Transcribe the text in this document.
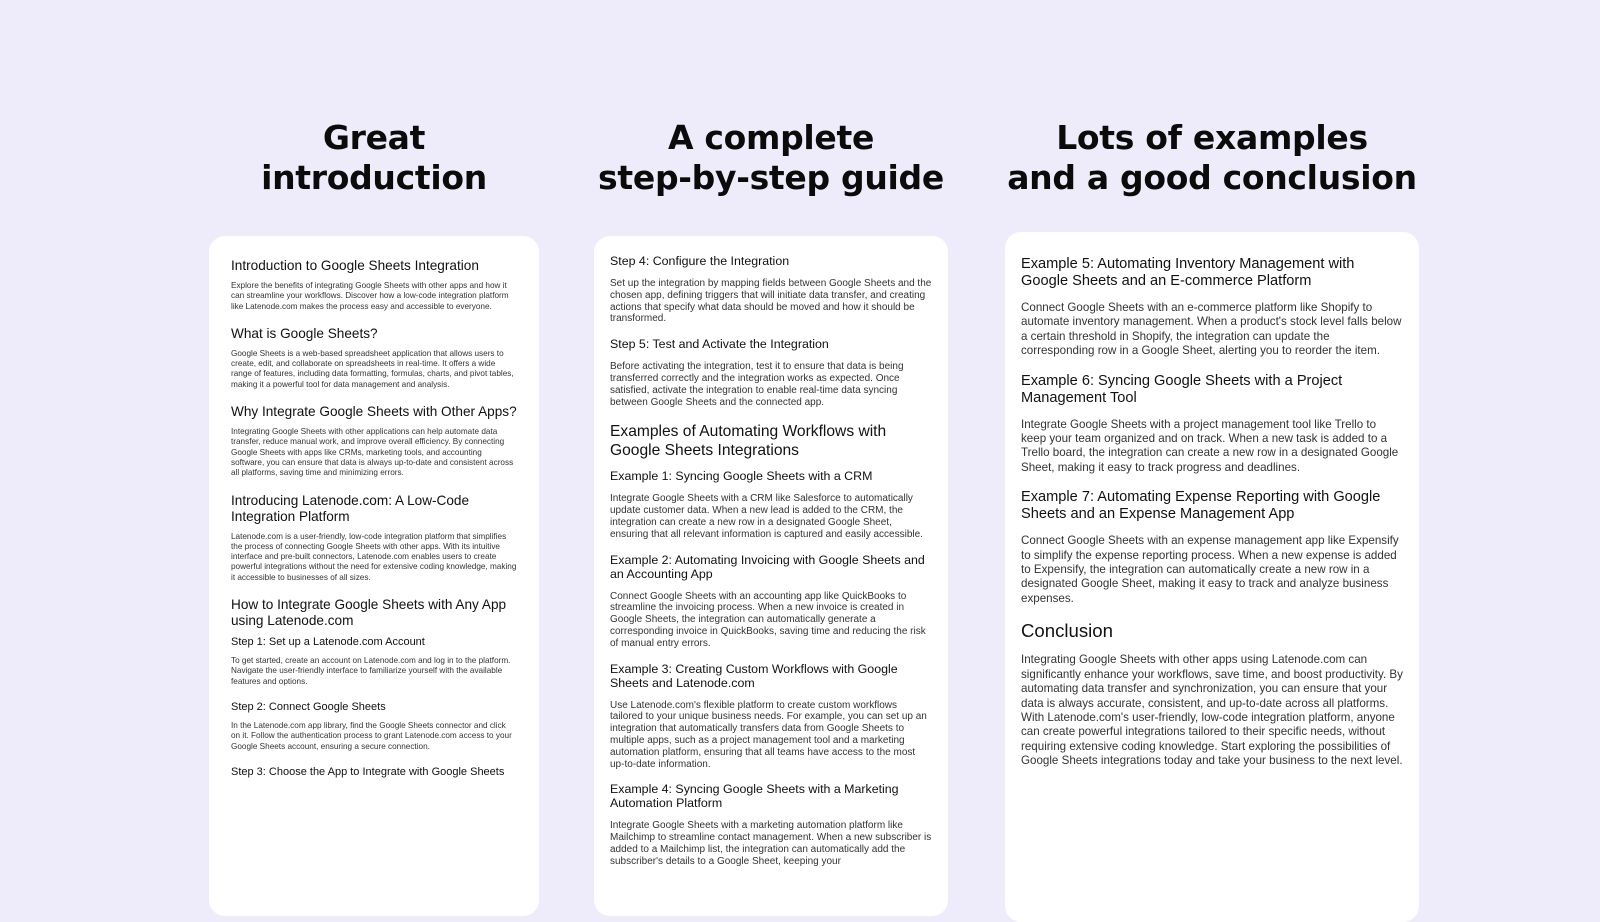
Great
introduction
A complete
step-by-step guide
Lots of examples
and a good conclusion
Introduction to Google Sheets Integration

Explore the benefits of integrating Google Sheets with other apps and how it can streamline your workflows. Discover how a low-code integration platform like Latenode.com makes the process easy and accessible to everyone.

What is Google Sheets?

Google Sheets is a web-based spreadsheet application that allows users to create, edit, and collaborate on spreadsheets in real-time. It offers a wide range of features, including data formatting, formulas, charts, and pivot tables, making it a powerful tool for data management and analysis.

Why Integrate Google Sheets with Other Apps?

Integrating Google Sheets with other applications can help automate data transfer, reduce manual work, and improve overall efficiency. By connecting Google Sheets with apps like CRMs, marketing tools, and accounting software, you can ensure that data is always up-to-date and consistent across all platforms, saving time and minimizing errors.

Introducing Latenode.com: A Low-Code Integration Platform

Latenode.com is a user-friendly, low-code integration platform that simplifies the process of connecting Google Sheets with other apps. With its intuitive interface and pre-built connectors, Latenode.com enables users to create powerful integrations without the need for extensive coding knowledge, making it accessible to businesses of all sizes.

How to Integrate Google Sheets with Any App using Latenode.com
Step 1: Set up a Latenode.com Account

To get started, create an account on Latenode.com and log in to the platform. Navigate the user-friendly interface to familiarize yourself with the available features and options.

Step 2: Connect Google Sheets

In the Latenode.com app library, find the Google Sheets connector and click on it. Follow the authentication process to grant Latenode.com access to your Google Sheets account, ensuring a secure connection.

Step 3: Choose the App to Integrate with Google Sheets
Step 4: Configure the Integration

Set up the integration by mapping fields between Google Sheets and the chosen app, defining triggers that will initiate data transfer, and creating actions that specify what data should be moved and how it should be transformed.

Step 5: Test and Activate the Integration

Before activating the integration, test it to ensure that data is being transferred correctly and the integration works as expected. Once satisfied, activate the integration to enable real-time data syncing between Google Sheets and the connected app.

Examples of Automating Workflows with Google Sheets Integrations
Example 1: Syncing Google Sheets with a CRM

Integrate Google Sheets with a CRM like Salesforce to automatically update customer data. When a new lead is added to the CRM, the integration can create a new row in a designated Google Sheet, ensuring that all relevant information is captured and easily accessible.

Example 2: Automating Invoicing with Google Sheets and an Accounting App

Connect Google Sheets with an accounting app like QuickBooks to streamline the invoicing process. When a new invoice is created in Google Sheets, the integration can automatically generate a corresponding invoice in QuickBooks, saving time and reducing the risk of manual entry errors.

Example 3: Creating Custom Workflows with Google Sheets and Latenode.com

Use Latenode.com's flexible platform to create custom workflows tailored to your unique business needs. For example, you can set up an integration that automatically transfers data from Google Sheets to multiple apps, such as a project management tool and a marketing automation platform, ensuring that all teams have access to the most up-to-date information.

Example 4: Syncing Google Sheets with a Marketing Automation Platform

Integrate Google Sheets with a marketing automation platform like Mailchimp to streamline contact management. When a new subscriber is added to a Mailchimp list, the integration can automatically add the subscriber's details to a Google Sheet, keeping your

Example 5: Automating Inventory Management with Google Sheets and an E-commerce Platform

Connect Google Sheets with an e-commerce platform like Shopify to automate inventory management. When a product's stock level falls below a certain threshold in Shopify, the integration can update the corresponding row in a Google Sheet, alerting you to reorder the item.

Example 6: Syncing Google Sheets with a Project Management Tool

Integrate Google Sheets with a project management tool like Trello to keep your team organized and on track. When a new task is added to a Trello board, the integration can create a new row in a designated Google Sheet, making it easy to track progress and deadlines.

Example 7: Automating Expense Reporting with Google Sheets and an Expense Management App

Connect Google Sheets with an expense management app like Expensify to simplify the expense reporting process. When a new expense is added to Expensify, the integration can automatically create a new row in a designated Google Sheet, making it easy to track and analyze business expenses.

Conclusion

Integrating Google Sheets with other apps using Latenode.com can significantly enhance your workflows, save time, and boost productivity. By automating data transfer and synchronization, you can ensure that your data is always accurate, consistent, and up-to-date across all platforms. With Latenode.com's user-friendly, low-code integration platform, anyone can create powerful integrations tailored to their specific needs, without requiring extensive coding knowledge. Start exploring the possibilities of Google Sheets integrations today and take your business to the next level.
